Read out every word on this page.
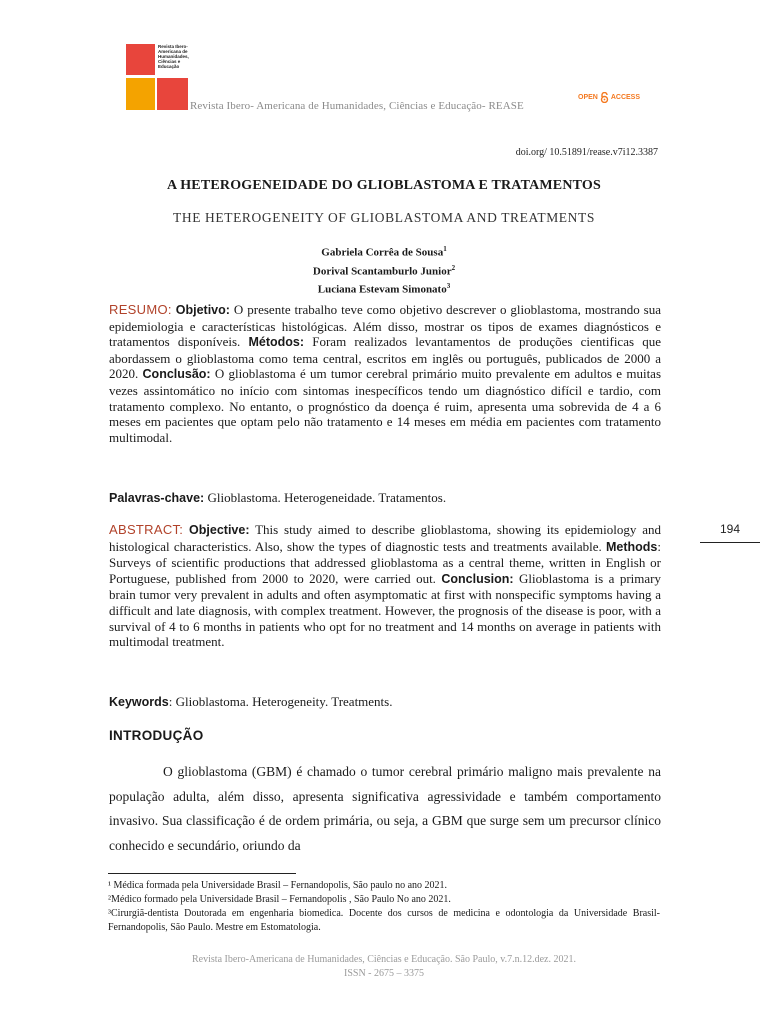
Revista Ibero-Americana de Humanidades, Ciências e Educação
Revista Ibero- Americana de Humanidades, Ciências e Educação- REASE
OPEN ACCESS
doi.org/ 10.51891/rease.v7i12.3387
A HETEROGENEIDADE DO GLIOBLASTOMA E TRATAMENTOS
THE HETEROGENEITY OF GLIOBLASTOMA AND TREATMENTS
Gabriela Corrêa de Sousa$^1$
Dorival Scantamburlo Junior$^2$
Luciana Estevam Simonato$^3$
RESUMO: Objetivo: O presente trabalho teve como objetivo descrever o glioblastoma, mostrando sua epidemiologia e características histológicas. Além disso, mostrar os tipos de exames diagnósticos e tratamentos disponíveis. Métodos: Foram realizados levantamentos de produções cientificas que abordassem o glioblastoma como tema central, escritos em inglês ou português, publicados de 2000 a 2020. Conclusão: O glioblastoma é um tumor cerebral primário muito prevalente em adultos e muitas vezes assintomático no início com sintomas inespecíficos tendo um diagnóstico difícil e tardio, com tratamento complexo. No entanto, o prognóstico da doença é ruim, apresenta uma sobrevida de 4 a 6 meses em pacientes que optam pelo não tratamento e 14 meses em média em pacientes com tratamento multimodal.
Palavras-chave: Glioblastoma. Heterogeneidade. Tratamentos.
ABSTRACT: Objective: This study aimed to describe glioblastoma, showing its epidemiology and histological characteristics. Also, show the types of diagnostic tests and treatments available. Methods: Surveys of scientific productions that addressed glioblastoma as a central theme, written in English or Portuguese, published from 2000 to 2020, were carried out. Conclusion: Glioblastoma is a primary brain tumor very prevalent in adults and often asymptomatic at first with nonspecific symptoms having a difficult and late diagnosis, with complex treatment. However, the prognosis of the disease is poor, with a survival of 4 to 6 months in patients who opt for no treatment and 14 months on average in patients with multimodal treatment.
Keywords: Glioblastoma. Heterogeneity. Treatments.
INTRODUÇÃO
O glioblastoma (GBM) é chamado o tumor cerebral primário maligno mais prevalente na população adulta, além disso, apresenta significativa agressividade e também comportamento invasivo. Sua classificação é de ordem primária, ou seja, a GBM que surge sem um precursor clínico conhecido e secundário, oriundo da
194
¹ Médica formada pela Universidade Brasil – Fernandopolis, São paulo no ano 2021.
²Médico formado pela Universidade Brasil – Fernandopolis , São Paulo No ano 2021.
³Cirurgiã-dentista Doutorada em engenharia biomedica. Docente dos cursos de medicina e odontologia da Universidade Brasil- Fernandopolis, São Paulo. Mestre em Estomatologia.
Revista Ibero-Americana de Humanidades, Ciências e Educação. São Paulo, v.7.n.12.dez. 2021.
ISSN - 2675 – 3375
